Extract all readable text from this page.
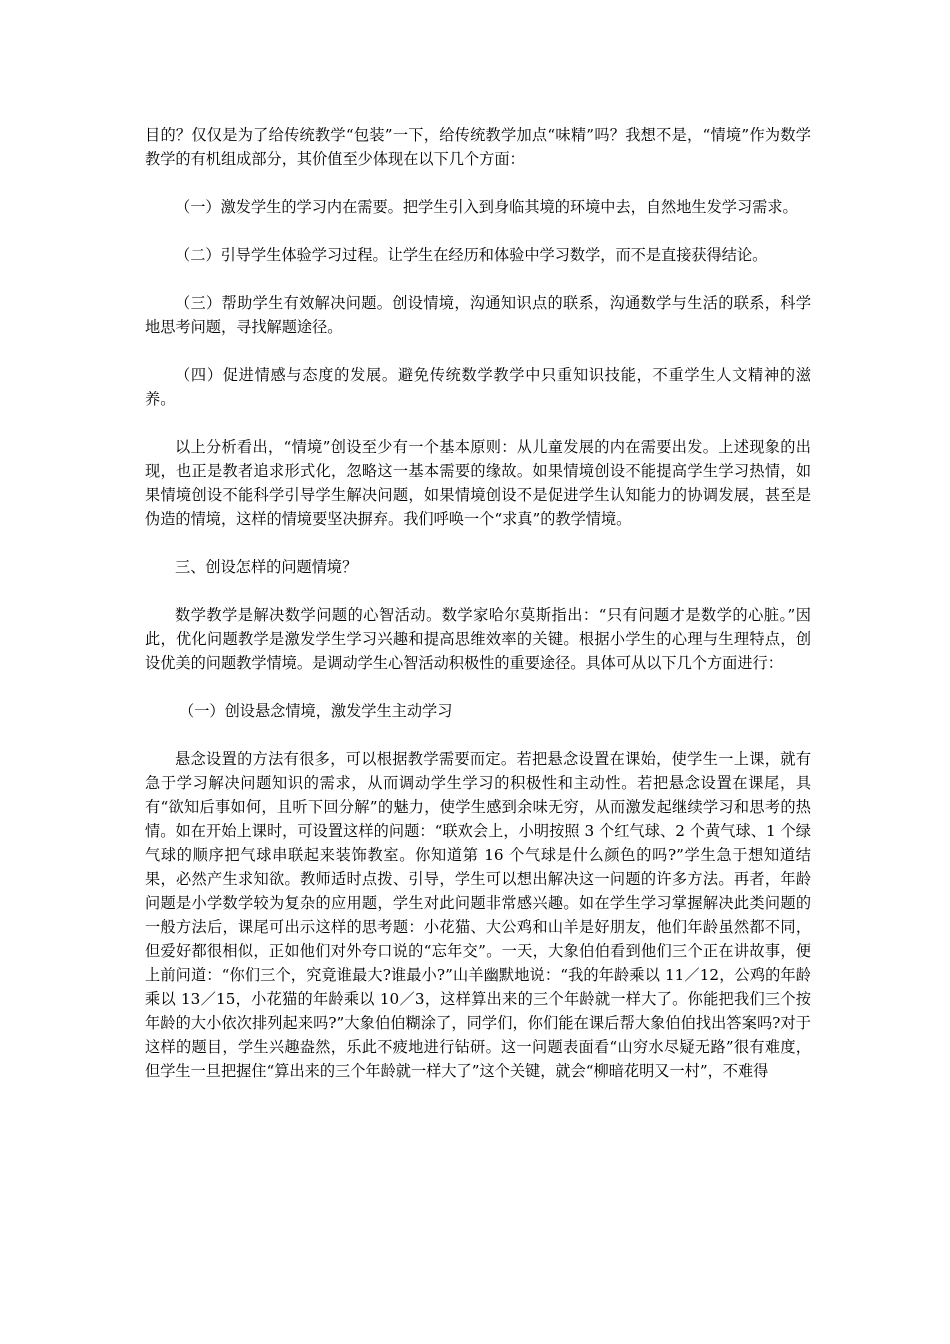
目的？仅仅是为了给传统教学“包装”一下，给传统教学加点“味精”吗？我想不是，“情境”作为数学教学的有机组成部分，其价值至少体现在以下几个方面：

（一）激发学生的学习内在需要。把学生引入到身临其境的环境中去，自然地生发学习需求。

（二）引导学生体验学习过程。让学生在经历和体验中学习数学，而不是直接获得结论。

（三）帮助学生有效解决问题。创设情境，沟通知识点的联系，沟通数学与生活的联系，科学地思考问题，寻找解题途径。

（四）促进情感与态度的发展。避免传统数学教学中只重知识技能，不重学生人文精神的滋养。

以上分析看出，“情境”创设至少有一个基本原则：从儿童发展的内在需要出发。上述现象的出现，也正是教者追求形式化，忽略这一基本需要的缘故。如果情境创设不能提高学生学习热情，如果情境创设不能科学引导学生解决问题，如果情境创设不是促进学生认知能力的协调发展，甚至是伪造的情境，这样的情境要坚决摒弃。我们呼唤一个“求真”的教学情境。

三、创设怎样的问题情境？

数学教学是解决数学问题的心智活动。数学家哈尔莫斯指出：“只有问题才是数学的心脏。”因此，优化问题教学是激发学生学习兴趣和提高思维效率的关键。根据小学生的心理与生理特点，创设优美的问题教学情境。是调动学生心智活动积极性的重要途径。具体可从以下几个方面进行：

（一）创设悬念情境，激发学生主动学习

悬念设置的方法有很多，可以根据教学需要而定。若把悬念设置在课始，使学生一上课，就有急于学习解决问题知识的需求，从而调动学生学习的积极性和主动性。若把悬念设置在课尾，具有“欲知后事如何，且听下回分解”的魅力，使学生感到余味无穷，从而激发起继续学习和思考的热情。如在开始上课时，可设置这样的问题：“联欢会上，小明按照 3 个红气球、2 个黄气球、1 个绿气球的顺序把气球串联起来装饰教室。你知道第 16 个气球是什么颜色的吗?”学生急于想知道结果，必然产生求知欲。教师适时点拨、引导，学生可以想出解决这一问题的许多方法。再者，年龄问题是小学数学较为复杂的应用题，学生对此问题非常感兴趣。如在学生学习掌握解决此类问题的一般方法后，课尾可出示这样的思考题：小花猫、大公鸡和山羊是好朋友，他们年龄虽然都不同，但爱好都很相似，正如他们对外夸口说的“忘年交”。一天，大象伯伯看到他们三个正在讲故事，便上前问道：“你们三个，究竟谁最大?谁最小?”山羊幽默地说：“我的年龄乘以 11／12，公鸡的年龄乘以 13／15，小花猫的年龄乘以 10／3，这样算出来的三个年龄就一样大了。你能把我们三个按年龄的大小依次排列起来吗?”大象伯伯糊涂了，同学们，你们能在课后帮大象伯伯找出答案吗?对于这样的题目，学生兴趣盎然，乐此不疲地进行钻研。这一问题表面看“山穷水尽疑无路”很有难度，但学生一旦把握住“算出来的三个年龄就一样大了”这个关键，就会“柳暗花明又一村”，不难得
